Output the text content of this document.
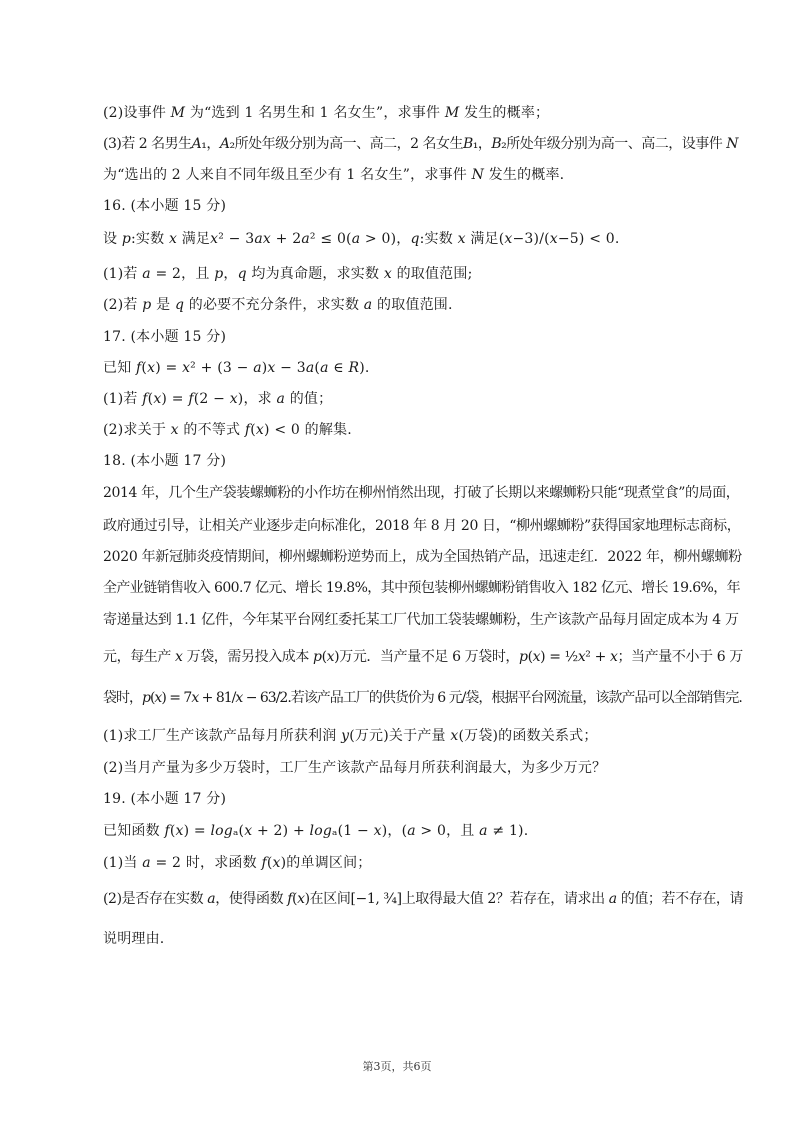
(2)设事件 𝑀 为“选到 1 名男生和 1 名女生”，求事件 𝑀 发生的概率；
(3)若 2 名男生𝐴₁，𝐴₂所处年级分别为高一、高二，2 名女生𝐵₁，𝐵₂所处年级分别为高一、高二，设事件 𝑁
为“选出的 2 人来自不同年级且至少有 1 名女生”，求事件 𝑁 发生的概率.
16. (本小题 15 分)
设 𝑝:实数 𝑥 满足𝑥² − 3𝑎𝑥 + 2𝑎² ≤ 0(𝑎 > 0)，𝑞:实数 𝑥 满足(𝑥−3)/(𝑥−5) < 0.
(1)若 𝑎 = 2，且 𝑝，𝑞 均为真命题，求实数 𝑥 的取值范围;
(2)若 𝑝 是 𝑞 的必要不充分条件，求实数 𝑎 的取值范围.
17. (本小题 15 分)
已知 𝑓(𝑥) = 𝑥² + (3 − 𝑎)𝑥 − 3𝑎(𝑎 ∈ 𝑅).
(1)若 𝑓(𝑥) = 𝑓(2 − 𝑥)，求 𝑎 的值；
(2)求关于 𝑥 的不等式 𝑓(𝑥) < 0 的解集.
18. (本小题 17 分)
2014 年，几个生产袋装螺蛳粉的小作坊在柳州悄然出现，打破了长期以来螺蛳粉只能“现煮堂食”的局面，
政府通过引导，让相关产业逐步走向标准化，2018 年 8 月 20 日，“柳州螺蛳粉”获得国家地理标志商标，
2020 年新冠肺炎疫情期间，柳州螺蛳粉逆势而上，成为全国热销产品，迅速走红．2022 年，柳州螺蛳粉
全产业链销售收入 600.7 亿元、增长 19.8%，其中预包装柳州螺蛳粉销售收入 182 亿元、增长 19.6%，年
寄递量达到 1.1 亿件，今年某平台网红委托某工厂代加工袋装螺蛳粉，生产该款产品每月固定成本为 4 万
元，每生产 𝑥 万袋，需另投入成本 𝑝(𝑥)万元．当产量不足 6 万袋时，𝑝(𝑥) = ½𝑥² + 𝑥；当产量不小于 6 万
袋时，𝑝(𝑥) = 7𝑥 + 81/𝑥 − 63/2.若该产品工厂的供货价为 6 元/袋，根据平台网流量，该款产品可以全部销售完.
(1)求工厂生产该款产品每月所获利润 𝑦(万元)关于产量 𝑥(万袋)的函数关系式；
(2)当月产量为多少万袋时，工厂生产该款产品每月所获利润最大，为多少万元？
19. (本小题 17 分)
已知函数 𝑓(𝑥) = 𝑙𝑜𝑔ₐ(𝑥 + 2) + 𝑙𝑜𝑔ₐ(1 − 𝑥)，(𝑎 > 0，且 𝑎 ≠ 1).
(1)当 𝑎 = 2 时，求函数 𝑓(𝑥)的单调区间；
(2)是否存在实数 𝑎，使得函数 𝑓(𝑥)在区间[−1, ¾]上取得最大值 2？若存在，请求出 𝑎 的值；若不存在，请
说明理由.
第3页，共6页
